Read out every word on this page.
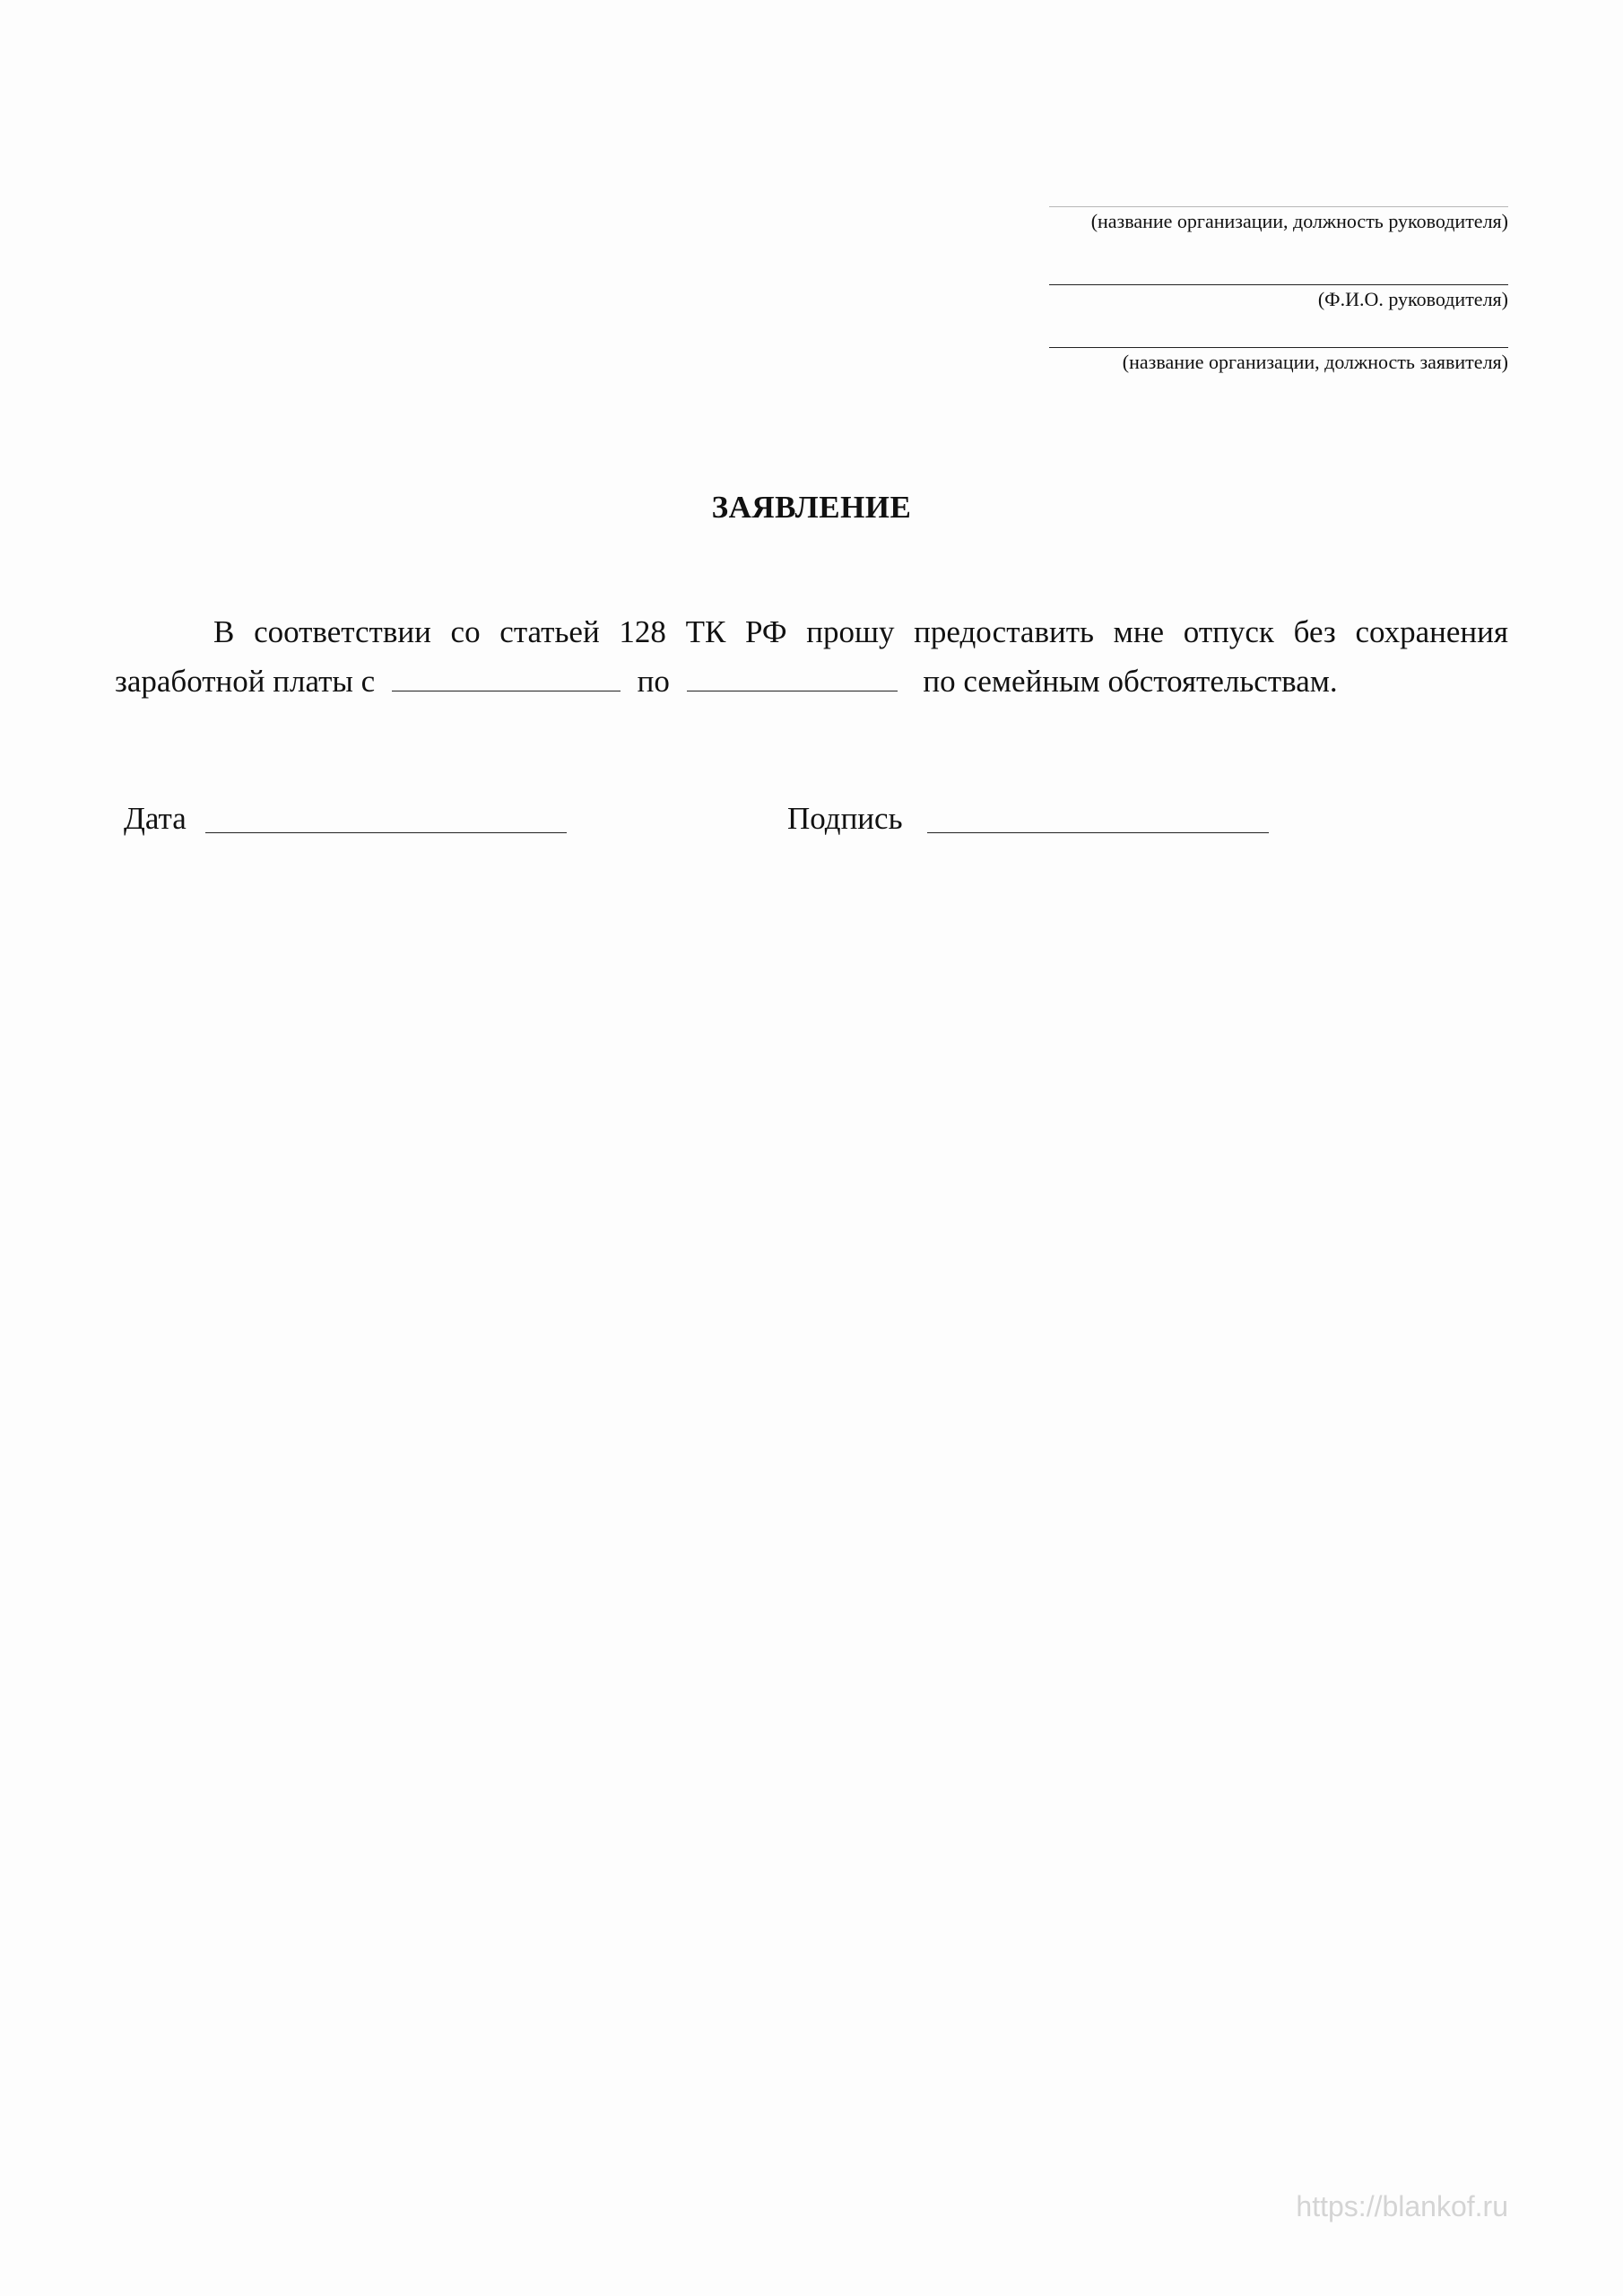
(название организации, должность руководителя)
(Ф.И.О. руководителя)
(название организации, должность заявителя)
ЗАЯВЛЕНИЕ
В соответствии со статьей 128 ТК РФ прошу предоставить мне отпуск без сохранения
заработной платы с	по	по семейным обстоятельствам.
Дата	Подпись
https://blankof.ru
